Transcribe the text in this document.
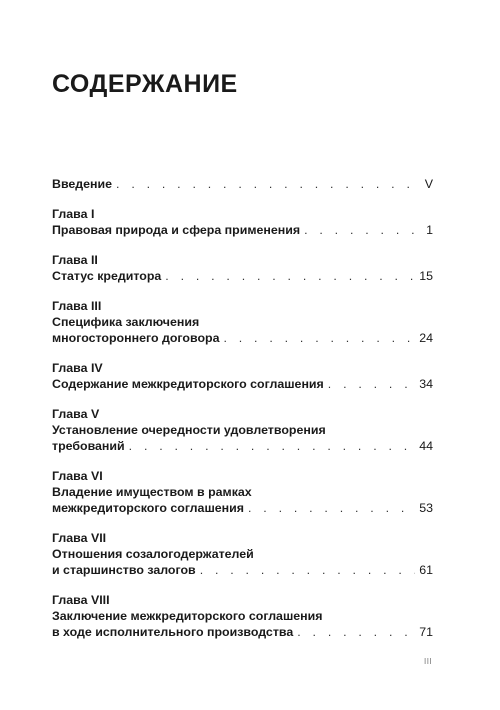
СОДЕРЖАНИЕ
Введение . . .	V
Глава I
Правовая природа и сфера применения . . .	1
Глава II
Статус кредитора . . .	15
Глава III
Специфика заключения
многостороннего договора . . .	24
Глава IV
Содержание межкредиторского соглашения . . .	34
Глава V
Установление очередности удовлетворения
требований . . .	44
Глава VI
Владение имуществом в рамках
межкредиторского соглашения . . .	53
Глава VII
Отношения созалогодержателей
и старшинство залогов . . .	61
Глава VIII
Заключение межкредиторского соглашения
в ходе исполнительного производства . . .	71
III
